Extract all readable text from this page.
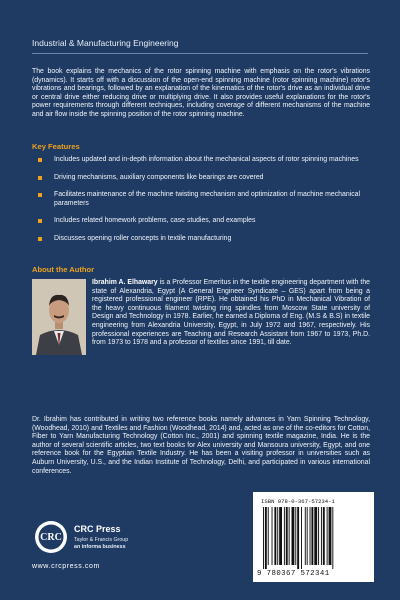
Industrial & Manufacturing Engineering

The book explains the mechanics of the rotor spinning machine with emphasis on the rotor's vibrations (dynamics). It starts off with a discussion of the open-end spinning machine (rotor spinning machine) rotor's vibrations and bearings, followed by an explanation of the kinematics of the rotor's drive as an individual drive or central drive either reducing drive or multiplying drive. It also provides useful explanations for the rotor's power requirements through different techniques, including coverage of different mechanisms of the machine and air flow inside the spinning position of the rotor spinning machine.

Key Features
Includes updated and in-depth information about the mechanical aspects of rotor spinning machines
Driving mechanisms, auxiliary components like bearings are covered
Facilitates maintenance of the machine twisting mechanism and optimization of machine mechanical parameters
Includes related homework problems, case studies, and examples
Discusses opening roller concepts in textile manufacturing
About the Author

Ibrahim A. Elhawary is a Professor Emeritus in the textile engineering department with the state of Alexandria, Egypt (A General Engineer Syndicate – GES) apart from being a registered professional engineer (RPE). He obtained his PhD in Mechanical Vibration of the heavy continuous filament twisting ring spindles from Moscow State university of Design and Technology in 1978. Earlier, he earned a Diploma of Eng. (M.S & B.S) in textile engineering from Alexandria University, Egypt, in July 1972 and 1967, respectively. His professional experiences are Teaching and Research Assistant from 1967 to 1973, Ph.D. from 1973 to 1978 and a professor of textiles since 1991, till date.

Dr. Ibrahim has contributed in writing two reference books namely advances in Yarn Spinning Technology, (Woodhead, 2010) and Textiles and Fashion (Woodhead, 2014) and, acted as one of the co-editors for Cotton, Fiber to Yarn Manufacturing Technology (Cotton Inc., 2001) and spinning textile magazine, India. He is the author of several scientific articles, two text books for Alex university and Mansoura university, Egypt, and one reference book for the Egyptian Textile Industry. He has been a visiting professor in universities such as Auburn University, U.S., and the Indian Institute of Technology, Delhi, and participated in various international conferences.

CRC
CRC Press
Taylor & Francis Group
an informa business
www.crcpress.com
ISBN 978-0-367-57234-1
9 780367 572341
